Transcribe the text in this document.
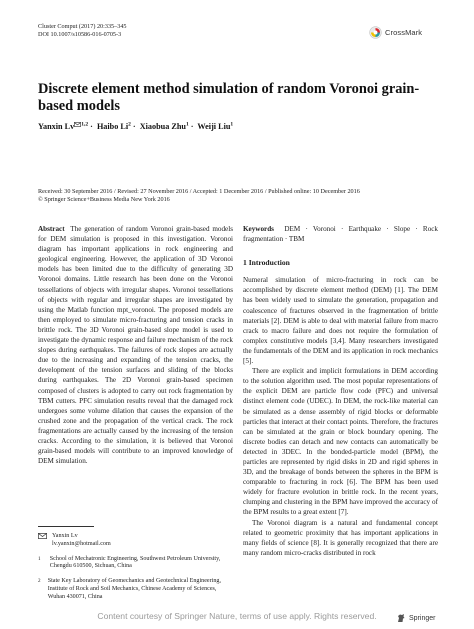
Cluster Comput (2017) 20:335–345
DOI 10.1007/s10586-016-0705-3	CrossMark
Discrete element method simulation of random Voronoi grain-based models
Yanxin Lv $^{1,2}$ ·  Haibo $Li^2$ ·  Xiaobua Zhu$^1$ ·  Weiji Liu$^1$
Received: 30 September 2016 / Revised: 27 November 2016 / Accepted: 1 December 2016 / Published online: 10 December 2016
© Springer Science+Business Media New York 2016

Abstract The generation of random Voronoi grain-based models for DEM simulation is proposed in this investigation. Voronoi diagram has important applications in rock engineering and geological engineering. However, the application of 3D Voronoi models has been limited due to the difficulty of generating 3D Voronoi domains. Little research has been done on the Voronoi tessellations of objects with irregular shapes. Voronoi tessellations of objects with regular and irregular shapes are investigated by using the Matlab function mpt_voronoi. The proposed models are then employed to simulate micro-fracturing and tension cracks in brittle rock. The 3D Voronoi grain-based slope model is used to investigate the dynamic response and failure mechanism of the rock slopes during earthquakes. The failures of rock slopes are actually due to the increasing and expanding of the tension cracks, the development of the tension surfaces and sliding of the blocks during earthquakes. The 2D Voronoi grain-based specimen composed of clusters is adopted to carry out rock fragmentation by TBM cutters. PFC simulation results reveal that the damaged rock undergoes some volume dilation that causes the expansion of the crushed zone and the propagation of the vertical crack. The rock fragmentations are actually caused by the increasing of the tension cracks. According to the simulation, it is believed that Voronoi grain-based models will contribute to an improved knowledge of DEM simulation.

Yanxin Lv
lv.yanxin@hotmail.com
$^1$	School of Mechatronic Engineering, Southwest Petroleum University, Chengdu 610500, Sichuan, China
$^2$ State Key Laboratory of Geomechanics and Geotechnical Engineering, Institute of Rock and Soil Mechanics, Chinese Academy of Sciences, Wuhan 430071, China

Keywords DEM · Voronoi · Earthquake · Slope · Rock fragmentation · TBM

1 Introduction

Numeral simulation of micro-fracturing in rock can be accomplished by discrete element method (DEM) [1]. The DEM has been widely used to simulate the generation, propagation and coalescence of fractures observed in the fragmentation of brittle materials [2]. DEM is able to deal with material failure from macro crack to macro failure and does not require the formulation of complex constitutive models [3,4]. Many researchers investigated the fundamentals of the DEM and its application in rock mechanics [5].

There are explicit and implicit formulations in DEM according to the solution algorithm used. The most popular representations of the explicit DEM are particle flow code (PFC) and universal distinct element code (UDEC). In DEM, the rock-like material can be simulated as a dense assembly of rigid blocks or deformable particles that interact at their contact points. Therefore, the fractures can be simulated at the grain or block boundary opening. The discrete bodies can detach and new contacts can automatically be detected in 3DEC. In the bonded-particle model (BPM), the particles are represented by rigid disks in 2D and rigid spheres in 3D, and the breakage of bonds between the spheres in the BPM is comparable to fracturing in rock [6]. The BPM has been used widely for fracture evolution in brittle rock. In the recent years, clumping and clustering in the BPM have improved the accuracy of the BPM results to a great extent [7].

The Voronoi diagram is a natural and fundamental concept related to geometric proximity that has important applications in many fields of science [8]. It is generally recognized that there are many random micro-cracks distributed in rock

Springer
Content courtesy of Springer Nature, terms of use apply. Rights reserved.
